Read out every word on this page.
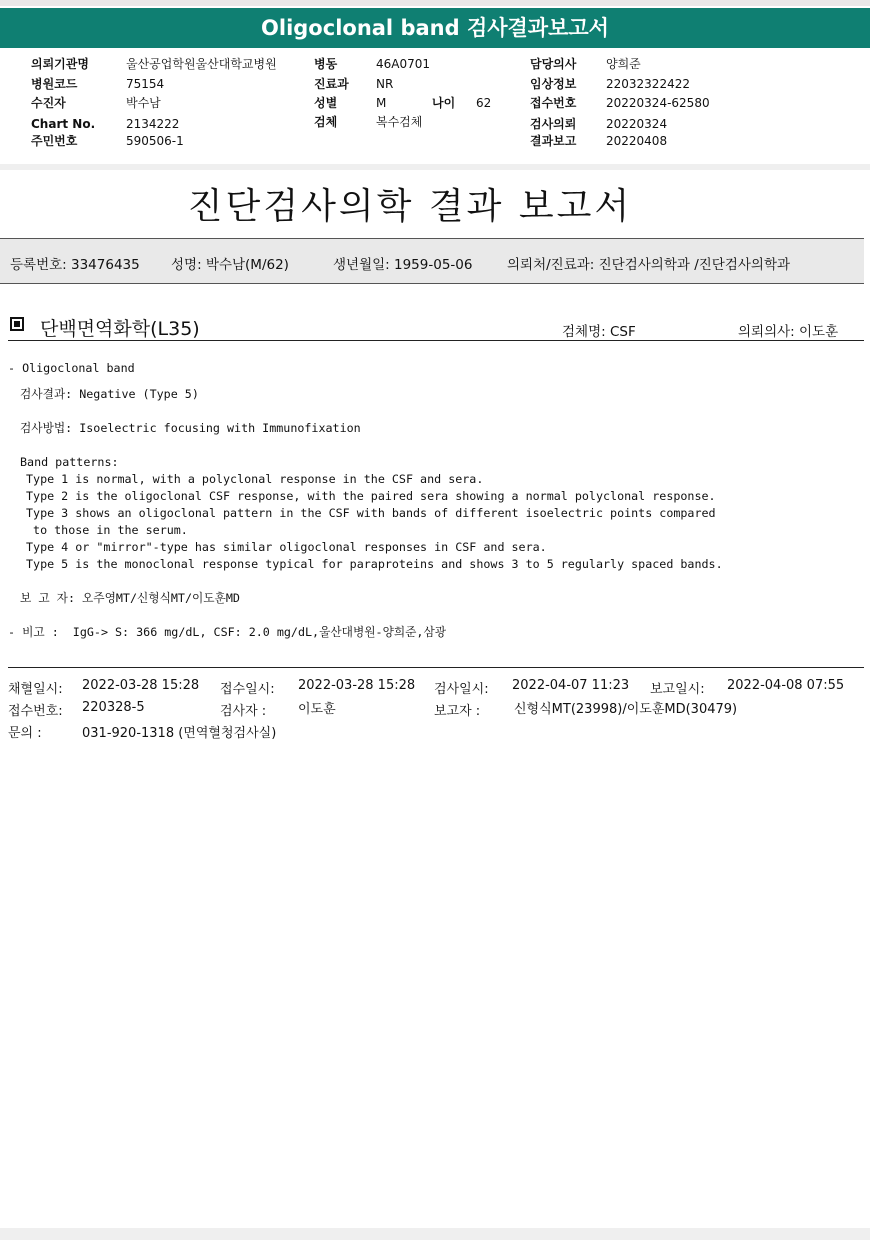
Oligoclonal band 검사결과보고서
의뢰기관명	울산공업학원울산대학교병원
병원코드	75154
수진자	박수남
Chart No.	2134222
주민번호	590506-1
병동	46A0701
진료과 NR
성별	M	나이 62
검체	복수검체
담당의사 양희준
임상정보 22032322422
접수번호 20220324-62580
검사의뢰 20220324
결과보고 20220408
진단검사의학 결과 보고서
등록번호: 33476435 성명: 박수남(M/62)	생년월일: 1959-05-06	의뢰처/진료과: 진단검사의학과 /진단검사의학과
단백면역화학(L35)	검체명: CSF	의뢰의사: 이도훈
- Oligoclonal band
검사결과: Negative (Type 5)
검사방법: Isoelectric focusing with Immunofixation
Band patterns:
Type 1 is normal, with a polyclonal response in the CSF and sera.
Type 2 is the oligoclonal CSF response, with the paired sera showing a normal polyclonal response.
Type 3 shows an oligoclonal pattern in the CSF with bands of different isoelectric points compared
to those in the serum.
Type 4 or "mirror"-type has similar oligoclonal responses in CSF and sera.
Type 5 is the monoclonal response typical for paraproteins and shows 3 to 5 regularly spaced bands.
보 고 자: 오주영MT/신형식MT/이도훈MD
- 비고 :  IgG-> S: 366 mg/dL, CSF: 2.0 mg/dL,울산대병원-양희준,삼광
채혈일시: 2022-03-28 15:28 접수일시: 2022-03-28 15:28 검사일시: 2022-04-07 11:23 보고일시: 2022-04-08 07:55
접수번호: 220328-5	검사자 : 이도훈	보고자 :	신형식MT(23998)/이도훈MD(30479)
문의 :	031-920-1318 (면역혈청검사실)
